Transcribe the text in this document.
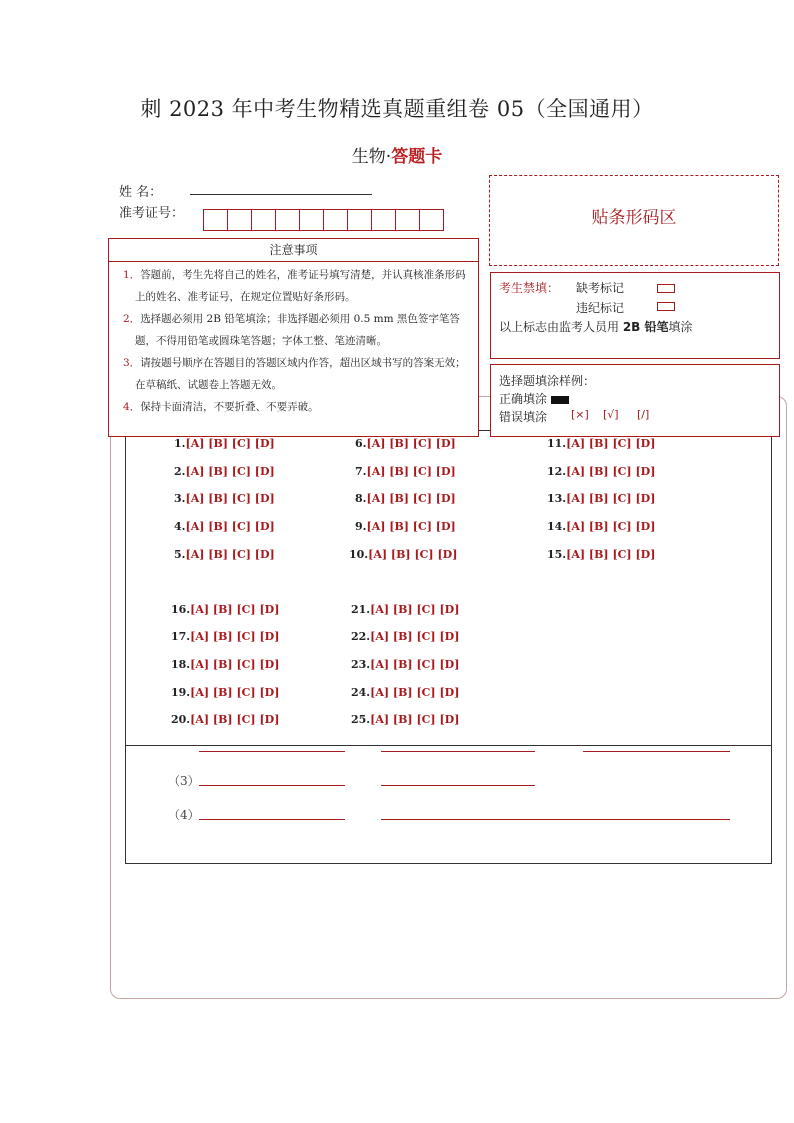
刺 2023 年中考生物精选真题重组卷 05（全国通用）
生物·答题卡
姓 名：
准考证号：	贴条形码区
注意事项
1．答题前，考生先将自己的姓名，准考证号填写清楚，并认真核准条形码上的姓名、准考证号，在规定位置贴好条形码。
2．选择题必须用 2B 铅笔填涂；非选择题必须用 0.5 mm 黑色签字笔答题，不得用铅笔或圆珠笔答题；字体工整、笔迹清晰。
3．请按题号顺序在答题目的答题区域内作答，超出区域书写的答案无效；在草稿纸、试题卷上答题无效。
4．保持卡面清洁，不要折叠、不要弄破。
考生禁填： 缺考标记
违纪标记
以上标志由监考人员用 2B 铅笔填涂
选择题填涂样例：
正确填涂
错误填涂 [×] [√] [/]
1.[A] [B] [C] [D]
2.[A] [B] [C] [D]
3.[A] [B] [C] [D]
4.[A] [B] [C] [D]
5.[A] [B] [C] [D]
6.[A] [B] [C] [D]
7.[A] [B] [C] [D]
8.[A] [B] [C] [D]
9.[A] [B] [C] [D]
10.[A] [B] [C] [D]
11.[A] [B] [C] [D]
12.[A] [B] [C] [D]
13.[A] [B] [C] [D]
14.[A] [B] [C] [D]
15.[A] [B] [C] [D]
16.[A] [B] [C] [D]
17.[A] [B] [C] [D]
18.[A] [B] [C] [D]
19.[A] [B] [C] [D]
20.[A] [B] [C] [D]
21.[A] [B] [C] [D]
22.[A] [B] [C] [D]
23.[A] [B] [C] [D]
24.[A] [B] [C] [D]
25.[A] [B] [C] [D]
（3）
（4）
